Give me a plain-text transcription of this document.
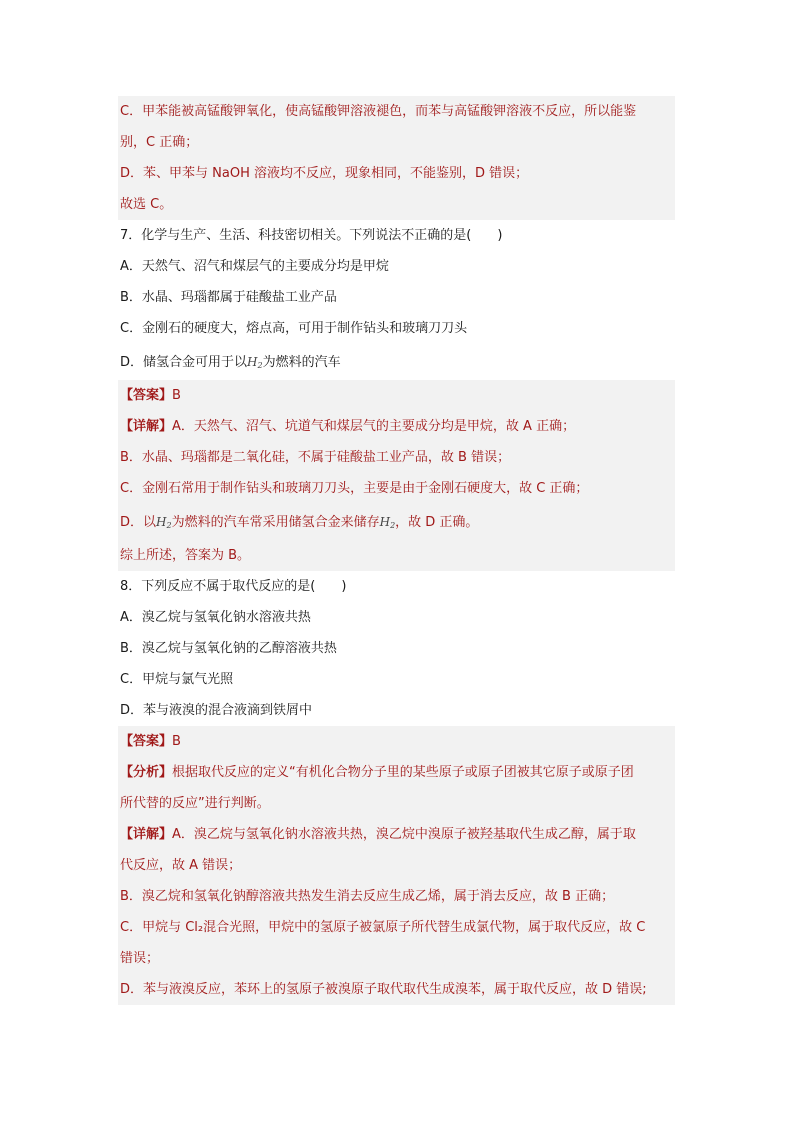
C．甲苯能被高锰酸钾氧化，使高锰酸钾溶液褪色，而苯与高锰酸钾溶液不反应，所以能鉴
别，C 正确；
D．苯、甲苯与 NaOH 溶液均不反应，现象相同，不能鉴别，D 错误；
故选 C。
7．化学与生产、生活、科技密切相关。下列说法不正确的是(　　)
A．天然气、沼气和煤层气的主要成分均是甲烷
B．水晶、玛瑙都属于硅酸盐工业产品
C．金刚石的硬度大，熔点高，可用于制作钻头和玻璃刀刀头
D．储氢合金可用于以$H_2$为燃料的汽车
【答案】B
【详解】A．天然气、沼气、坑道气和煤层气的主要成分均是甲烷，故 A 正确；
B．水晶、玛瑙都是二氧化硅，不属于硅酸盐工业产品，故 B 错误；
C．金刚石常用于制作钻头和玻璃刀刀头，主要是由于金刚石硬度大，故 C 正确；
D．以$H_2$为燃料的汽车常采用储氢合金来储存$H_2$，故 D 正确。
综上所述，答案为 B。
8．下列反应不属于取代反应的是(　　)
A．溴乙烷与氢氧化钠水溶液共热
B．溴乙烷与氢氧化钠的乙醇溶液共热
C．甲烷与氯气光照
D．苯与液溴的混合液滴到铁屑中
【答案】B
【分析】根据取代反应的定义“有机化合物分子里的某些原子或原子团被其它原子或原子团
所代替的反应”进行判断。
【详解】A．溴乙烷与氢氧化钠水溶液共热，溴乙烷中溴原子被羟基取代生成乙醇，属于取
代反应，故 A 错误；
B．溴乙烷和氢氧化钠醇溶液共热发生消去反应生成乙烯，属于消去反应，故 B 正确；
C．甲烷与 Cl₂混合光照，甲烷中的氢原子被氯原子所代替生成氯代物，属于取代反应，故 C
错误；
D．苯与液溴反应，苯环上的氢原子被溴原子取代取代生成溴苯，属于取代反应，故 D 错误;
